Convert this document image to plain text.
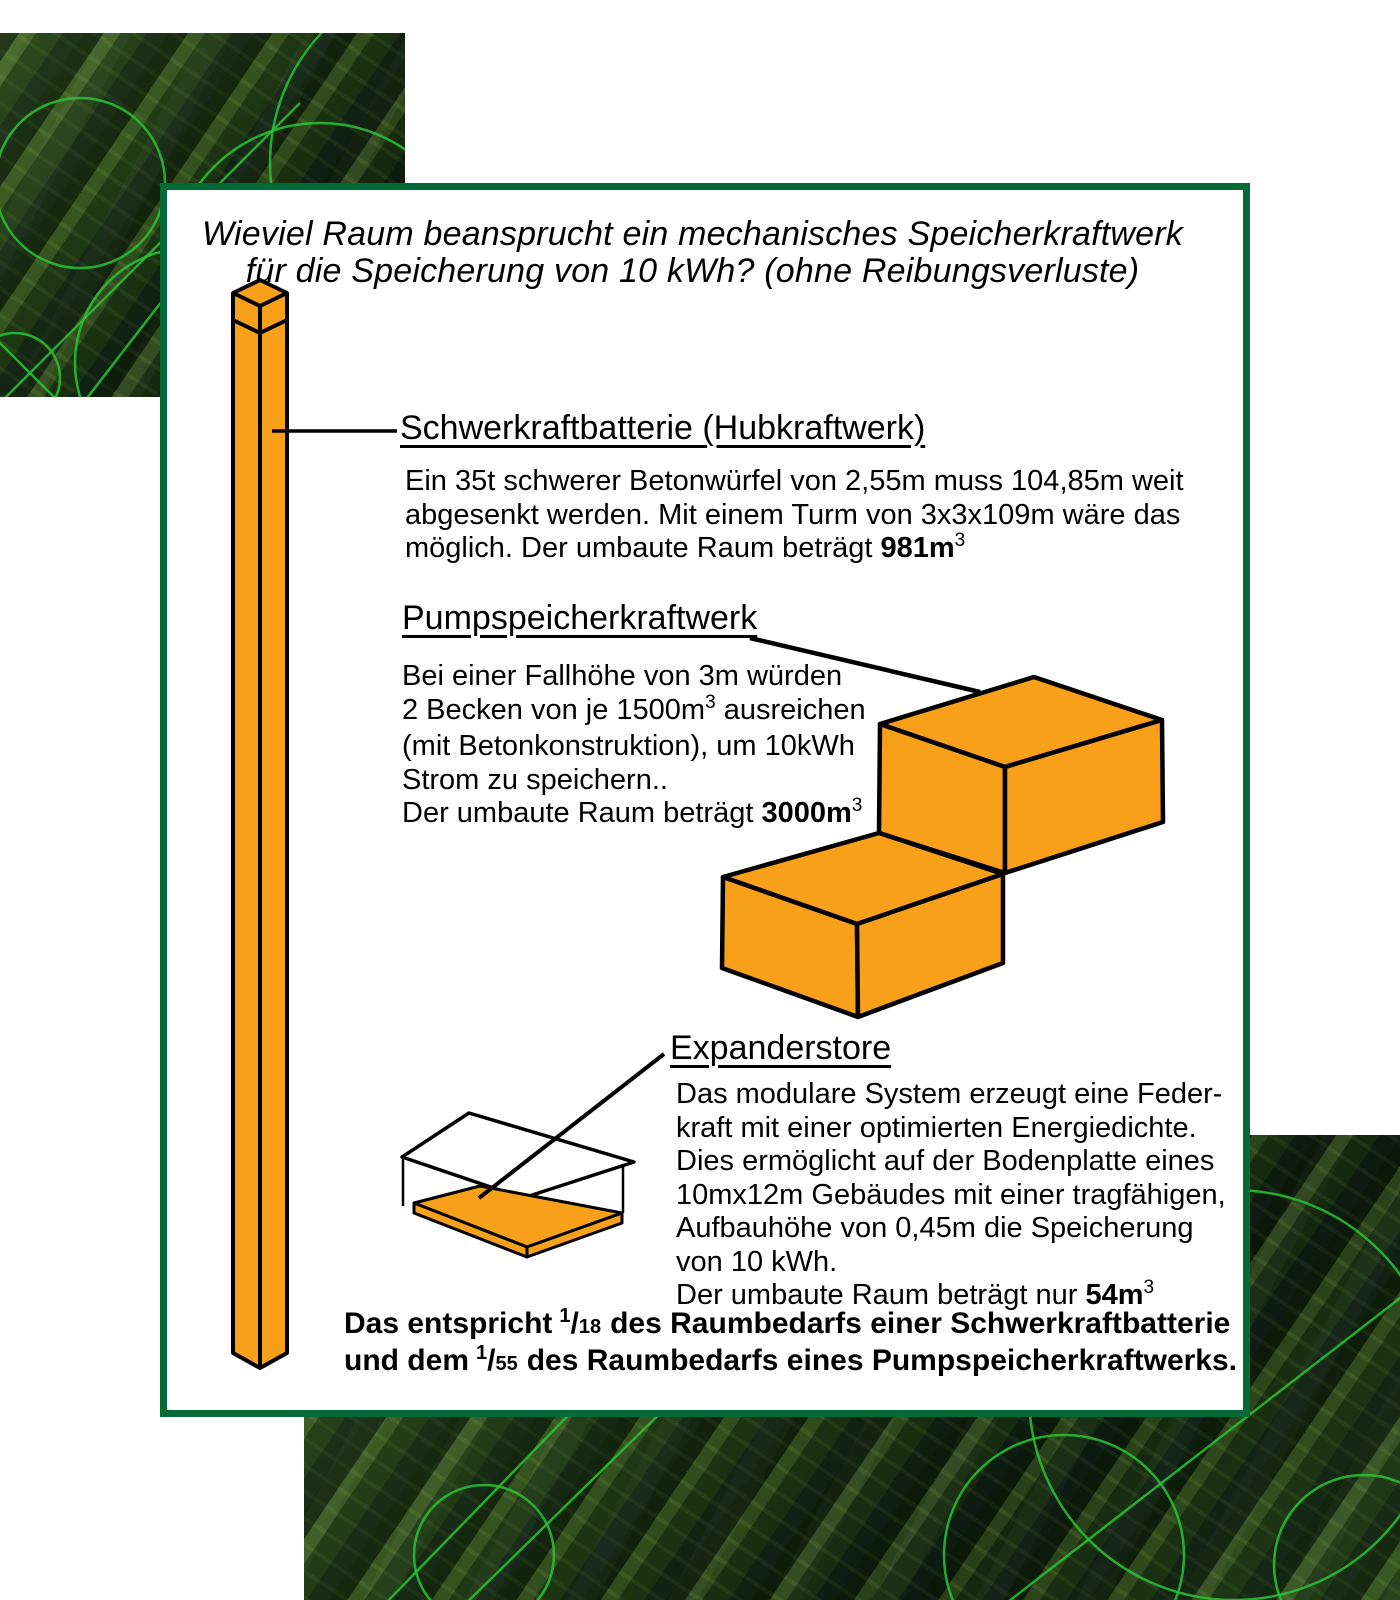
Wieviel Raum beansprucht ein mechanisches Speicherkraftwerk
für die Speicherung von 10 kWh? (ohne Reibungsverluste)
Schwerkraftbatterie (Hubkraftwerk)
Ein 35t schwerer Betonwürfel von 2,55m muss 104,85m weit
abgesenkt werden. Mit einem Turm von 3x3x109m wäre das
möglich. Der umbaute Raum beträgt $981m^3$
Pumpspeicherkraftwerk
Bei einer Fallhöhe von 3m würden
2 Becken von je $1500m^3$ ausreichen
(mit Betonkonstruktion), um 10kWh
Strom zu speichern..
Der umbaute Raum beträgt $3000m^3$
Expanderstore
Das modulare System erzeugt eine Feder-
kraft mit einer optimierten Energiedichte.
Dies ermöglicht auf der Bodenplatte eines
10mx12m Gebäudes mit einer tragfähigen,
Aufbauhöhe von 0,45m die Speicherung
von 10 kWh.
Der umbaute Raum beträgt nur $54m^3$
Das entspricht $^1$/18 des Raumbedarfs einer Schwerkraftbatterie
und dem $^1$/55 des Raumbedarfs eines Pumpspeicherkraftwerks.
